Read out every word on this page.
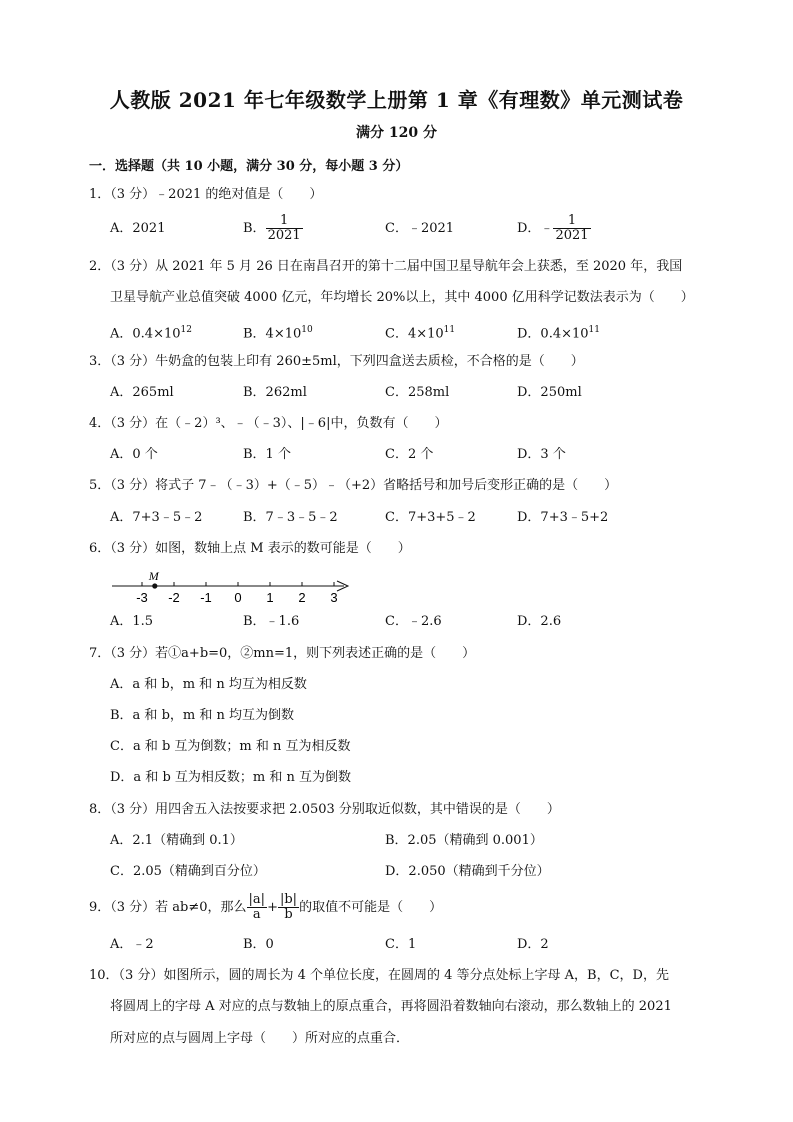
人教版 2021 年七年级数学上册第 1 章《有理数》单元测试卷
满分 120 分
一．选择题（共 10 小题，满分 30 分，每小题 3 分）
1．（3 分）﹣2021 的绝对值是（　　）
A．2021	B． $\frac{1}{2021}$	C．﹣2021	D．﹣ $\frac{1}{2021}$
2．（3 分）从 2021 年 5 月 26 日在南昌召开的第十二届中国卫星导航年会上获悉，至 2020 年，我国
卫星导航产业总值突破 4000 亿元，年均增长 20%以上，其中 4000 亿用科学记数法表示为（　　）
A．$0.4\times 10^{12}$	B．$4\times 10^{10}$	C．$4\times 10^{11}$	D．$0.4\times 10^{11}$
3．（3 分）牛奶盒的包装上印有 260±5ml，下列四盒送去质检，不合格的是（　　）
A．265ml	B．262ml	C．258ml	D．250ml
4．（3 分）在（﹣2）³、﹣（﹣3）、|﹣6|中，负数有（　　）
A．0 个	B．1 个	C．2 个	D．3 个
5．（3 分）将式子 7﹣（﹣3）+（﹣5）﹣（+2）省略括号和加号后变形正确的是（　　）
A．7+3﹣5﹣2	B．7﹣3﹣5﹣2	C．7+3+5﹣2	D．7+3﹣5+2
6．（3 分）如图，数轴上点 M 表示的数可能是（　　）
-3 -2 -1 0 1 2 3
M
A．1.5	B．﹣1.6	C．﹣2.6	D．2.6
7．（3 分）若①a+b=0，②mn=1，则下列表述正确的是（　　）
A．a 和 b，m 和 n 均互为相反数
B．a 和 b，m 和 n 均互为倒数
C．a 和 b 互为倒数；m 和 n 互为相反数
D．a 和 b 互为相反数；m 和 n 互为倒数
8．（3 分）用四舍五入法按要求把 2.0503 分别取近似数，其中错误的是（　　）
A．2.1（精确到 0.1）	B．2.05（精确到 0.001）
C．2.05（精确到百分位）	D．2.050（精确到千分位）
9．（3 分）若 ab≠0，那么 $\frac{|a|}{a} + \frac{|b|}{b}$ 的取值不可能是（　　）
A．﹣2	B．0	C．1	D．2
10．（3 分）如图所示，圆的周长为 4 个单位长度，在圆周的 4 等分点处标上字母 A，B，C，D，先
将圆周上的字母 A 对应的点与数轴上的原点重合，再将圆沿着数轴向右滚动，那么数轴上的 2021
所对应的点与圆周上字母（　　）所对应的点重合．
